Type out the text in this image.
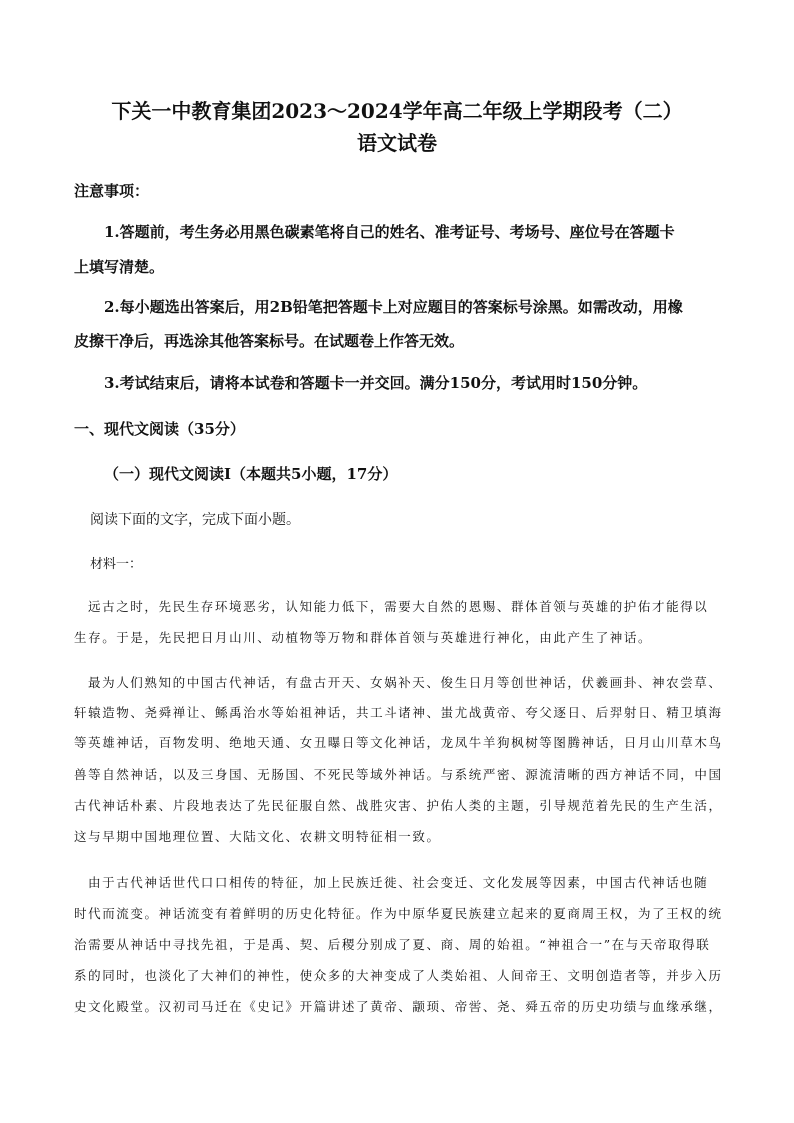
下关一中教育集团2023～2024学年高二年级上学期段考（二）
语文试卷
注意事项：
1.答题前，考生务必用黑色碳素笔将自己的姓名、准考证号、考场号、座位号在答题卡
上填写清楚。
2.每小题选出答案后，用2B铅笔把答题卡上对应题目的答案标号涂黑。如需改动，用橡
皮擦干净后，再选涂其他答案标号。在试题卷上作答无效。
3.考试结束后，请将本试卷和答题卡一并交回。满分150分，考试用时150分钟。
一、现代文阅读（35分）
（一）现代文阅读Ⅰ（本题共5小题，17分）
阅读下面的文字，完成下面小题。
材料一：
远古之时，先民生存环境恶劣，认知能力低下，需要大自然的恩赐、群体首领与英雄的护佑才能得以
生存。于是，先民把日月山川、动植物等万物和群体首领与英雄进行神化，由此产生了神话。
最为人们熟知的中国古代神话，有盘古开天、女娲补天、俊生日月等创世神话，伏羲画卦、神农尝草、
轩辕造物、尧舜禅让、鲧禹治水等始祖神话，共工斗诸神、蚩尤战黄帝、夸父逐日、后羿射日、精卫填海
等英雄神话，百物发明、绝地天通、女丑曝日等文化神话，龙凤牛羊狗枫树等图腾神话，日月山川草木鸟
兽等自然神话，以及三身国、无肠国、不死民等域外神话。与系统严密、源流清晰的西方神话不同，中国
古代神话朴素、片段地表达了先民征服自然、战胜灾害、护佑人类的主题，引导规范着先民的生产生活，
这与早期中国地理位置、大陆文化、农耕文明特征相一致。
由于古代神话世代口口相传的特征，加上民族迁徙、社会变迁、文化发展等因素，中国古代神话也随
时代而流变。神话流变有着鲜明的历史化特征。作为中原华夏民族建立起来的夏商周王权，为了王权的统
治需要从神话中寻找先祖，于是禹、契、后稷分别成了夏、商、周的始祖。“神祖合一”在与天帝取得联
系的同时，也淡化了大神们的神性，使众多的大神变成了人类始祖、人间帝王、文明创造者等，并步入历
史文化殿堂。汉初司马迁在《史记》开篇讲述了黄帝、颛顼、帝喾、尧、舜五帝的历史功绩与血缘承继，
